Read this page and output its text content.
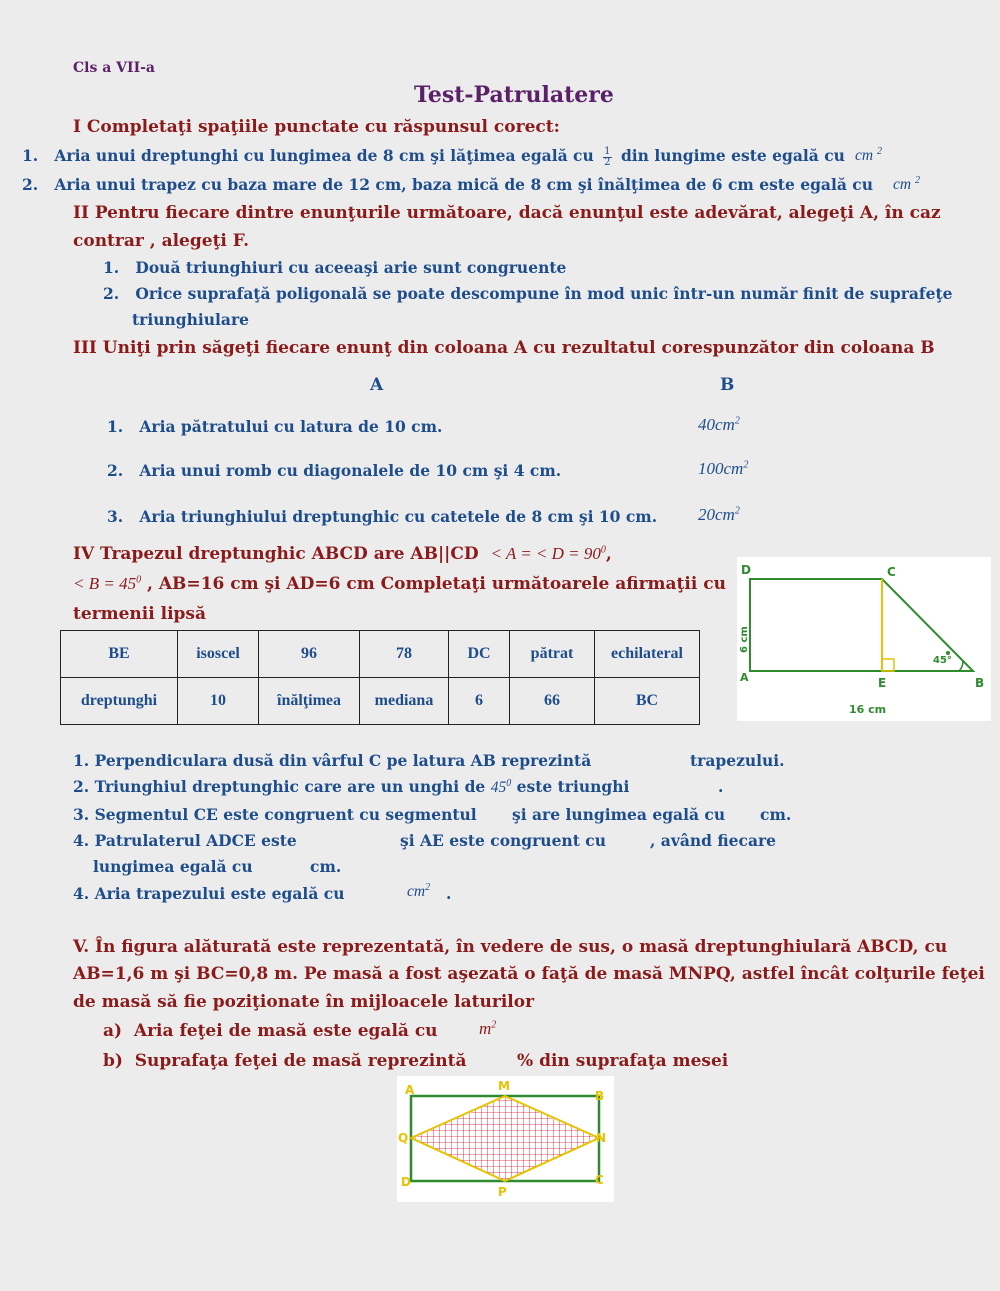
Cls a VII-a
Test-Patrulatere
I Completaţi spaţiile punctate cu răspunsul corect:
1. Aria unui dreptunghi cu lungimea de 8 cm şi lăţimea egală cu $\frac{1}{2}$ din lungime este egală cu cm $^2$
2. Aria unui trapez cu baza mare de 12 cm, baza mică de 8 cm şi înălţimea de 6 cm este egală cu cm $^2$
II Pentru fiecare dintre enunţurile următoare, dacă enunţul este adevărat, alegeţi A, în caz
contrar , alegeţi F.
1. Două triunghiuri cu aceeaşi arie sunt congruente
2. Orice suprafaţă poligonală se poate descompune în mod unic într-un număr finit de suprafeţe
triunghiulare
III Uniţi prin săgeţi fiecare enunţ din coloana A cu rezultatul corespunzător din coloana B
A	B
1. Aria pătratului cu latura de 10 cm.	$40cm^2$
2. Aria unui romb cu diagonalele de 10 cm şi 4 cm.	$100cm^2$
3. Aria triunghiului dreptunghic cu catetele de 8 cm şi 10 cm. $20cm^2$
IV Trapezul dreptunghic ABCD are AB||CD < A = < $D = 90^0$,
< $B = 45^0$ , AB=16 cm şi AD=6 cm Completaţi următoarele afirmaţii cu
termenii lipsă
BE	isoscel	96	78	DC	pătrat	echilateral
dreptunghi	10	înălţimea	mediana	6	66	BC
D	C
A	E	B
45°
16 cm
6 cm
1. Perpendiculara dusă din vârful C pe latura AB reprezintă	trapezului.
2. Triunghiul dreptunghic care are un unghi de $45^0$ este triunghi	.
3. Segmentul CE este congruent cu segmentul şi are lungimea egală cu cm.
4. Patrulaterul ADCE este	şi AE este congruent cu	, având fiecare
lungimea egală cu	cm.
4. Aria trapezului este egală cu	$cm^2$ .
V. În figura alăturată este reprezentată, în vedere de sus, o masă dreptunghiulară ABCD, cu
AB=1,6 m şi BC=0,8 m. Pe masă a fost aşezată o faţă de masă MNPQ, astfel încât colţurile feţei
de masă să fie poziţionate în mijloacele laturilor
a) Aria feţei de masă este egală cu $m^2$
b) Suprafaţa feţei de masă reprezintă	% din suprafaţa mesei
A	M
B
Q	N
D
P
C
